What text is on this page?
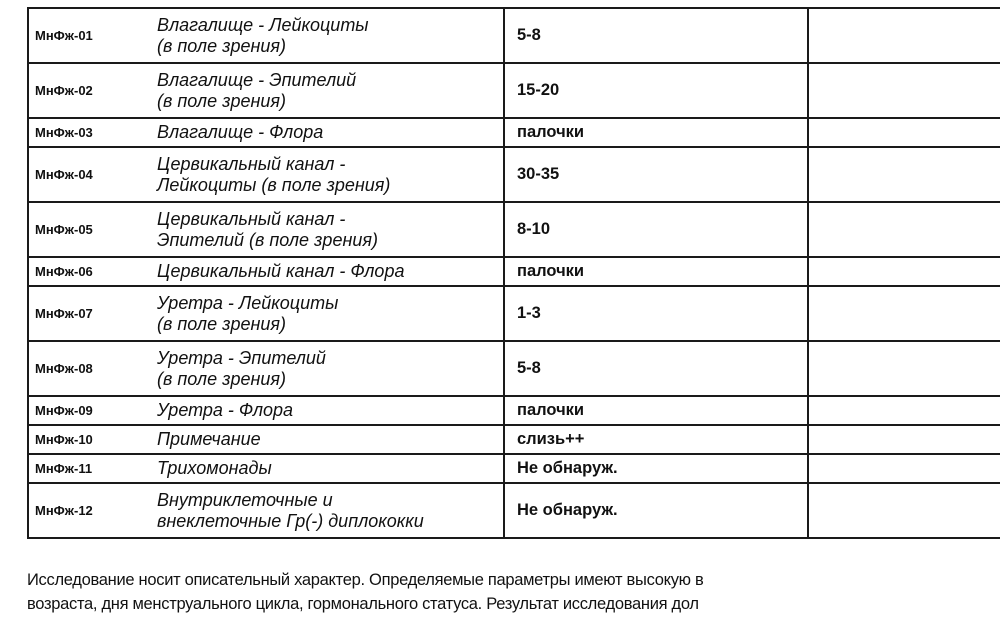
МнФж-01	Влагалище - Лейкоциты
(в поле зрения)	5-8	
МнФж-02	Влагалище - Эпителий
(в поле зрения)	15-20	
МнФж-03	Влагалище - Флора	палочки	
МнФж-04	Цервикальный канал -
Лейкоциты (в поле зрения)	30-35	
МнФж-05	Цервикальный канал -
Эпителий (в поле зрения)	8-10	
МнФж-06	Цервикальный канал - Флора	палочки	
МнФж-07	Уретра - Лейкоциты
(в поле зрения)	1-3	
МнФж-08	Уретра - Эпителий
(в поле зрения)	5-8	
МнФж-09	Уретра - Флора	палочки	
МнФж-10	Примечание	слизь++	
МнФж-11	Трихомонады	Не обнаруж.	
МнФж-12	Внутриклеточные и
внеклеточные Гр(-) диплококки	Не обнаруж.	
Исследование носит описательный характер. Определяемые параметры имеют высокую в
возраста, дня менструального цикла, гормонального статуса. Результат исследования дол
